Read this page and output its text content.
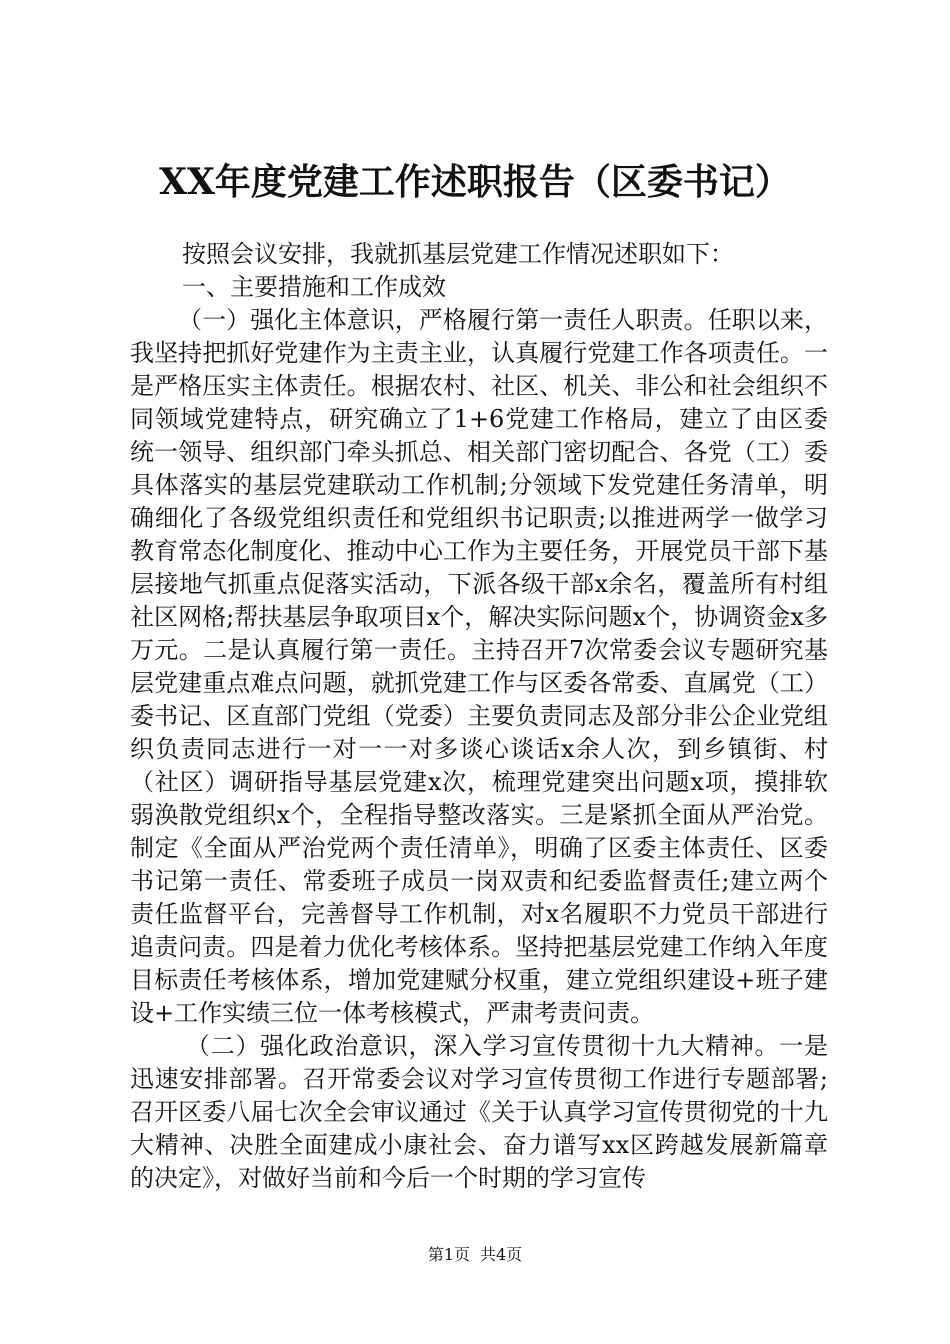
XX年度党建工作述职报告（区委书记）

按照会议安排，我就抓基层党建工作情况述职如下：

一、主要措施和工作成效

（一）强化主体意识，严格履行第一责任人职责。任职以来，我坚持把抓好党建作为主责主业，认真履行党建工作各项责任。一是严格压实主体责任。根据农村、社区、机关、非公和社会组织不同领域党建特点，研究确立了1+6党建工作格局，建立了由区委统一领导、组织部门牵头抓总、相关部门密切配合、各党（工）委具体落实的基层党建联动工作机制;分领域下发党建任务清单，明确细化了各级党组织责任和党组织书记职责;以推进两学一做学习教育常态化制度化、推动中心工作为主要任务，开展党员干部下基层接地气抓重点促落实活动，下派各级干部x余名，覆盖所有村组社区网格;帮扶基层争取项目x个，解决实际问题x个，协调资金x多万元。二是认真履行第一责任。主持召开7次常委会议专题研究基层党建重点难点问题，就抓党建工作与区委各常委、直属党（工）委书记、区直部门党组（党委）主要负责同志及部分非公企业党组织负责同志进行一对一一对多谈心谈话x余人次，到乡镇街、村（社区）调研指导基层党建x次，梳理党建突出问题x项，摸排软弱涣散党组织x个，全程指导整改落实。三是紧抓全面从严治党。制定《全面从严治党两个责任清单》，明确了区委主体责任、区委书记第一责任、常委班子成员一岗双责和纪委监督责任;建立两个责任监督平台，完善督导工作机制，对x名履职不力党员干部进行追责问责。四是着力优化考核体系。坚持把基层党建工作纳入年度目标责任考核体系，增加党建赋分权重，建立党组织建设+班子建设+工作实绩三位一体考核模式，严肃考责问责。

（二）强化政治意识，深入学习宣传贯彻十九大精神。一是迅速安排部署。召开常委会议对学习宣传贯彻工作进行专题部署;召开区委八届七次全会审议通过《关于认真学习宣传贯彻党的十九大精神、决胜全面建成小康社会、奋力谱写xx区跨越发展新篇章的决定》，对做好当前和今后一个时期的学习宣传

第1页 共4页
